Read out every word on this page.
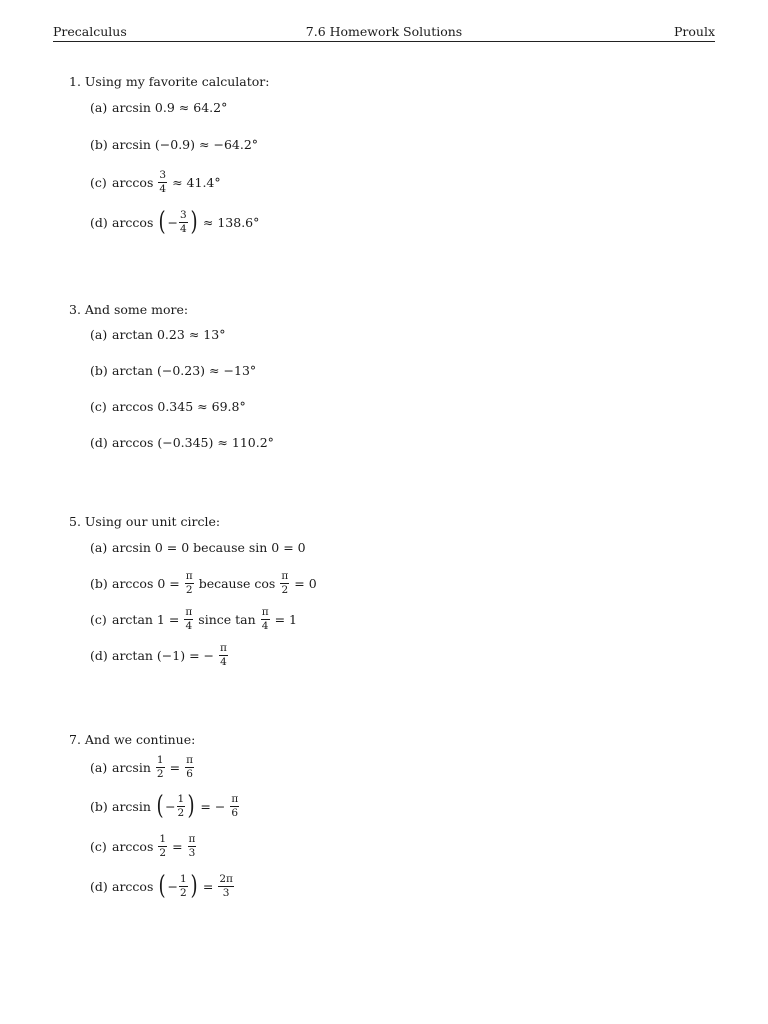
Precalculus	7.6 Homework Solutions	Proulx
1. Using my favorite calculator:
(a) arcsin 0.9 ≈ 64.2°
(b) arcsin (−0.9) ≈ −64.2°
(c) $\arccos \frac{3}{4} \approx 41.4^\circ$
(d) arccos ( − $\frac{3}{4}$ ) ≈ 138.6°
3. And some more:
(a) arctan 0.23 ≈ 13°
(b) arctan (−0.23) ≈ −13°
(c) arccos 0.345 ≈ 69.8°
(d) arccos (−0.345) ≈ 110.2°
5. Using our unit circle:
(a) arcsin 0 = 0 because sin 0 = 0
(b) $\arccos 0 = \frac{\pi}{2}$ because $\cos \frac{\pi}{2} = 0$
(c) $\arctan 1 = \frac{\pi}{4}$ since $\tan \frac{\pi}{4} = 1$
(d) arctan (−1) = − $\frac{\pi}{4}$
7. And we continue:
(a) $\arcsin \frac{1}{2} = \frac{\pi}{6}$
(b) arcsin ( − $\frac{1}{2}$ ) = − $\frac{\pi}{6}$
(c) $\arccos \frac{1}{2} = \frac{\pi}{3}$
(d) arccos ( − $\frac{1}{2}$ ) = $\frac{2\pi}{3}$
